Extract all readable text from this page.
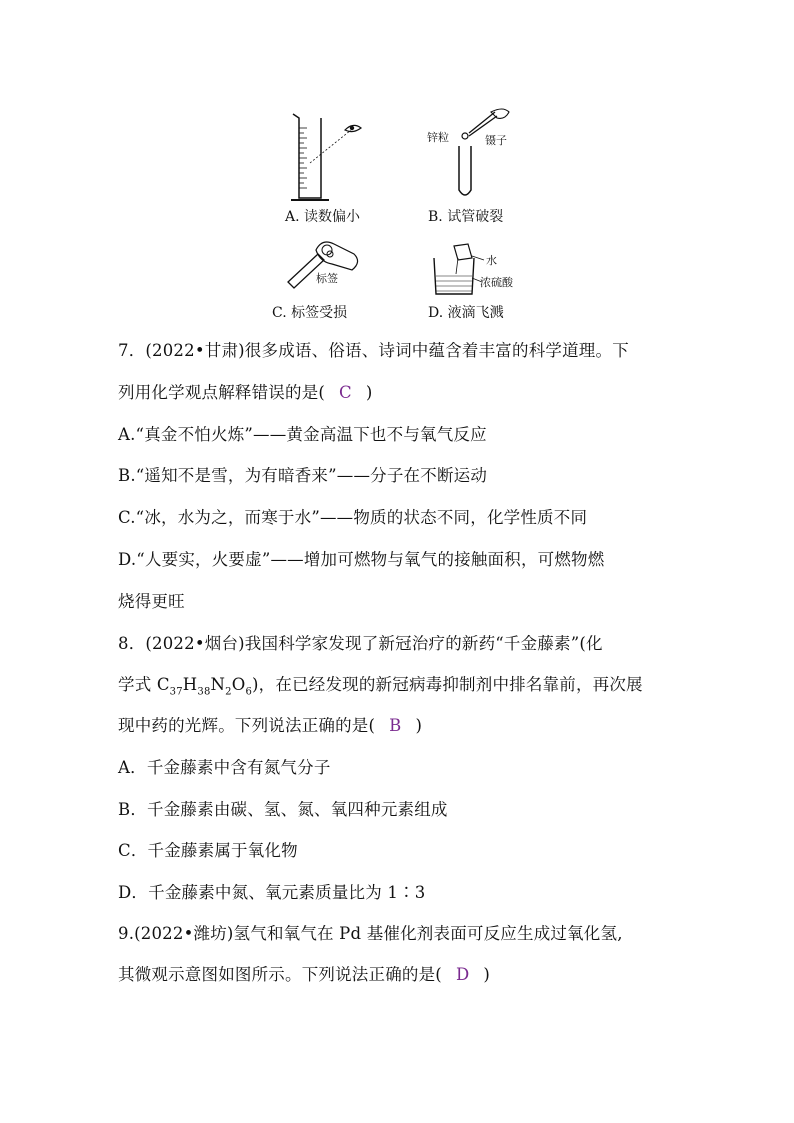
A. 读数偏小
锌粒	镊子
B. 试管破裂
标签
C. 标签受损
水
浓硫酸
D. 液滴飞溅
7．(2022•甘肃)很多成语、俗语、诗词中蕴含着丰富的科学道理。下
列用化学观点解释错误的是( C )
A.“真金不怕火炼”——黄金高温下也不与氧气反应
B.“遥知不是雪，为有暗香来”——分子在不断运动
C.“冰，水为之，而寒于水”——物质的状态不同，化学性质不同
D.“人要实，火要虚”——增加可燃物与氧气的接触面积，可燃物燃
烧得更旺
8．(2022•烟台)我国科学家发现了新冠治疗的新药“千金藤素”(化
学式 $C_{37}H_{38}N_2O_6$)，在已经发现的新冠病毒抑制剂中排名靠前，再次展
现中药的光辉。下列说法正确的是( B )
A．千金藤素中含有氮气分子
B．千金藤素由碳、氢、氮、氧四种元素组成
C．千金藤素属于氧化物
D．千金藤素中氮、氧元素质量比为 1∶3
9.(2022•潍坊)氢气和氧气在 Pd 基催化剂表面可反应生成过氧化氢,
其微观示意图如图所示。下列说法正确的是( D )
